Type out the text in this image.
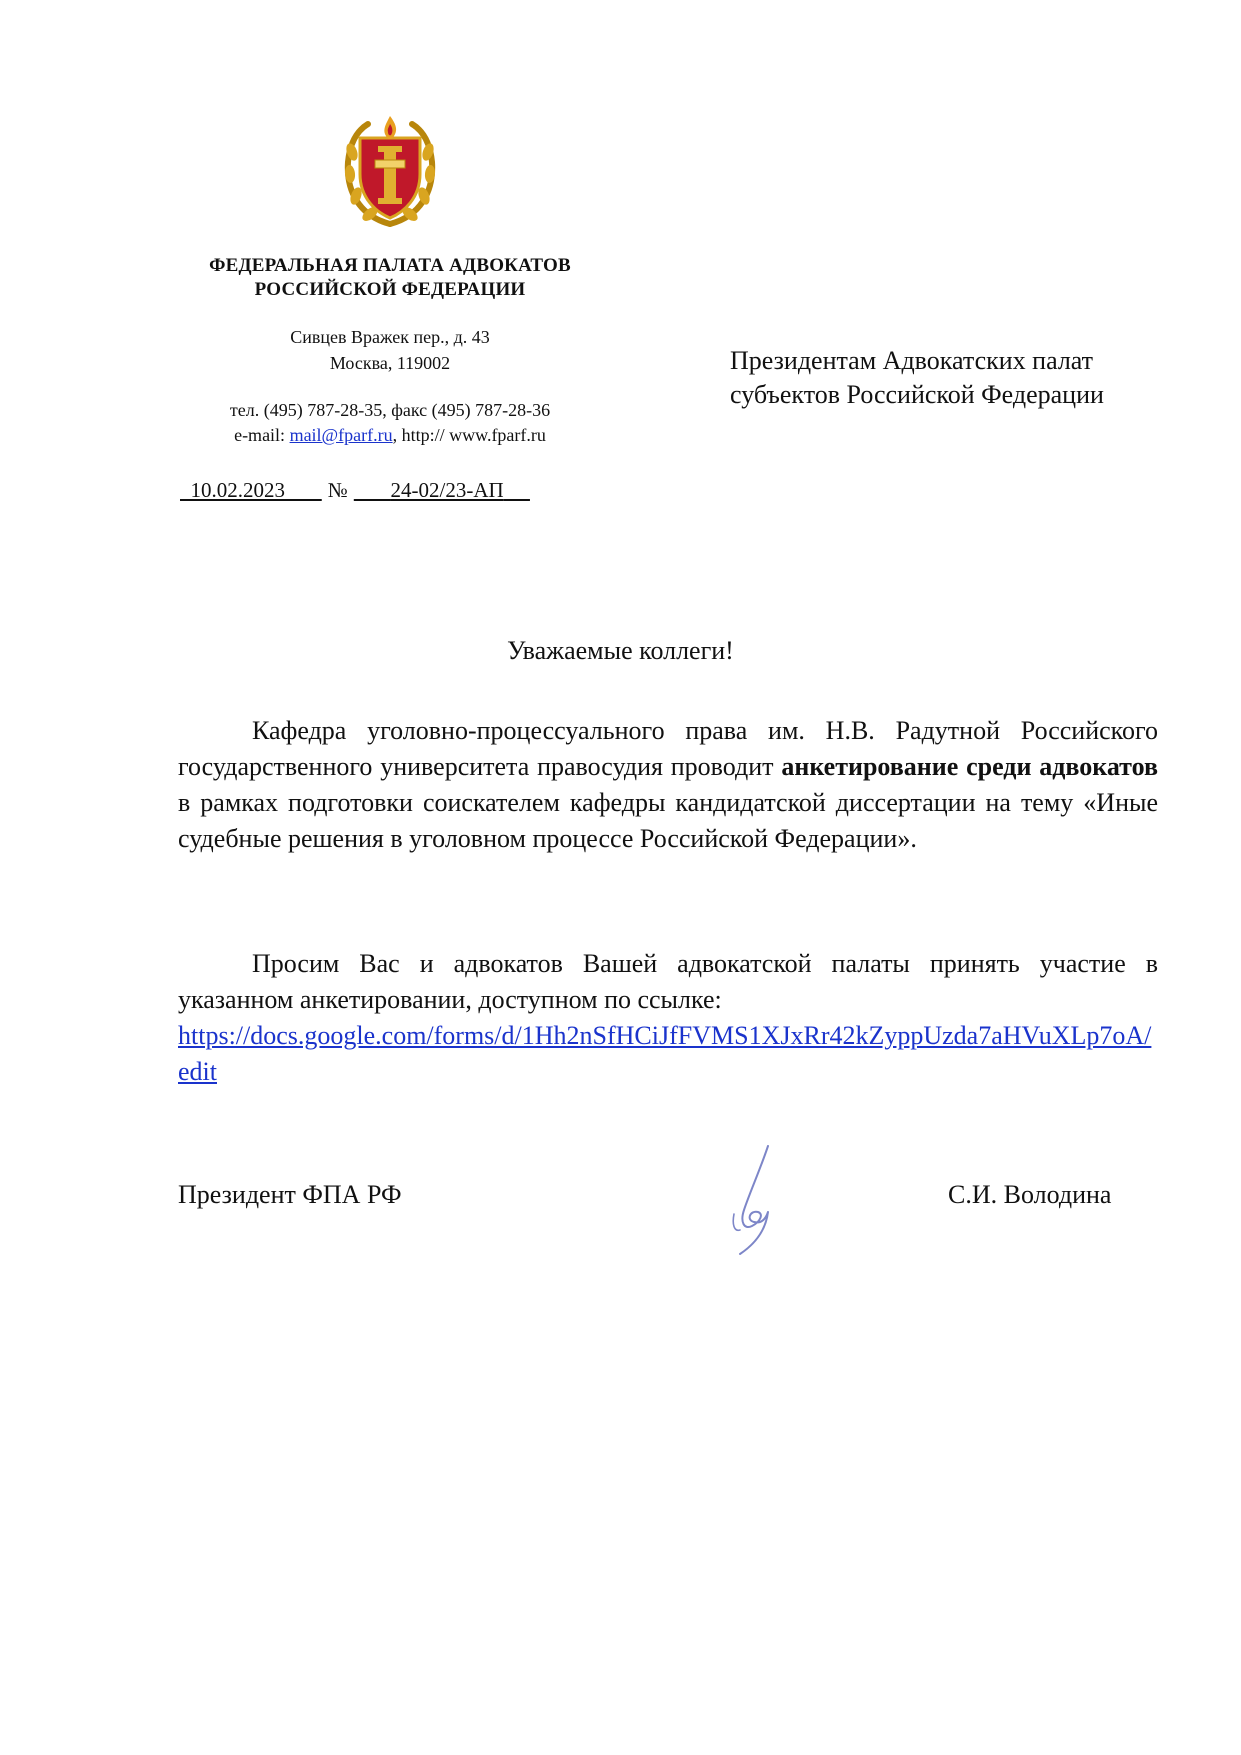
ФЕДЕРАЛЬНАЯ ПАЛАТА АДВОКАТОВ
РОССИЙСКОЙ ФЕДЕРАЦИИ
Сивцев Вражек пер., д. 43
Москва, 119002
тел. (495) 787-28-35, факс (495) 787-28-36
e-mail: mail@fparf.ru, http:// www.fparf.ru
10.02.2023 № 24-02/23-АП
Президентам Адвокатских палат
субъектов Российской Федерации
Уважаемые коллеги!

Кафедра уголовно-процессуального права им. Н.В. Радутной Российского государственного университета правосудия проводит анкетирование среди адвокатов в рамках подготовки соискателем кафедры кандидатской диссертации на тему «Иные судебные решения в уголовном процессе Российской Федерации».

Просим Вас и адвокатов Вашей адвокатской палаты принять участие в указанном анкетировании, доступном по ссылке:

https://docs.google.com/forms/d/1Hh2nSfHCiJfFVMS1XJxRr42kZyppUzda7aHVuXLp7oA/edit
Президент ФПА РФ	С.И. Володина
